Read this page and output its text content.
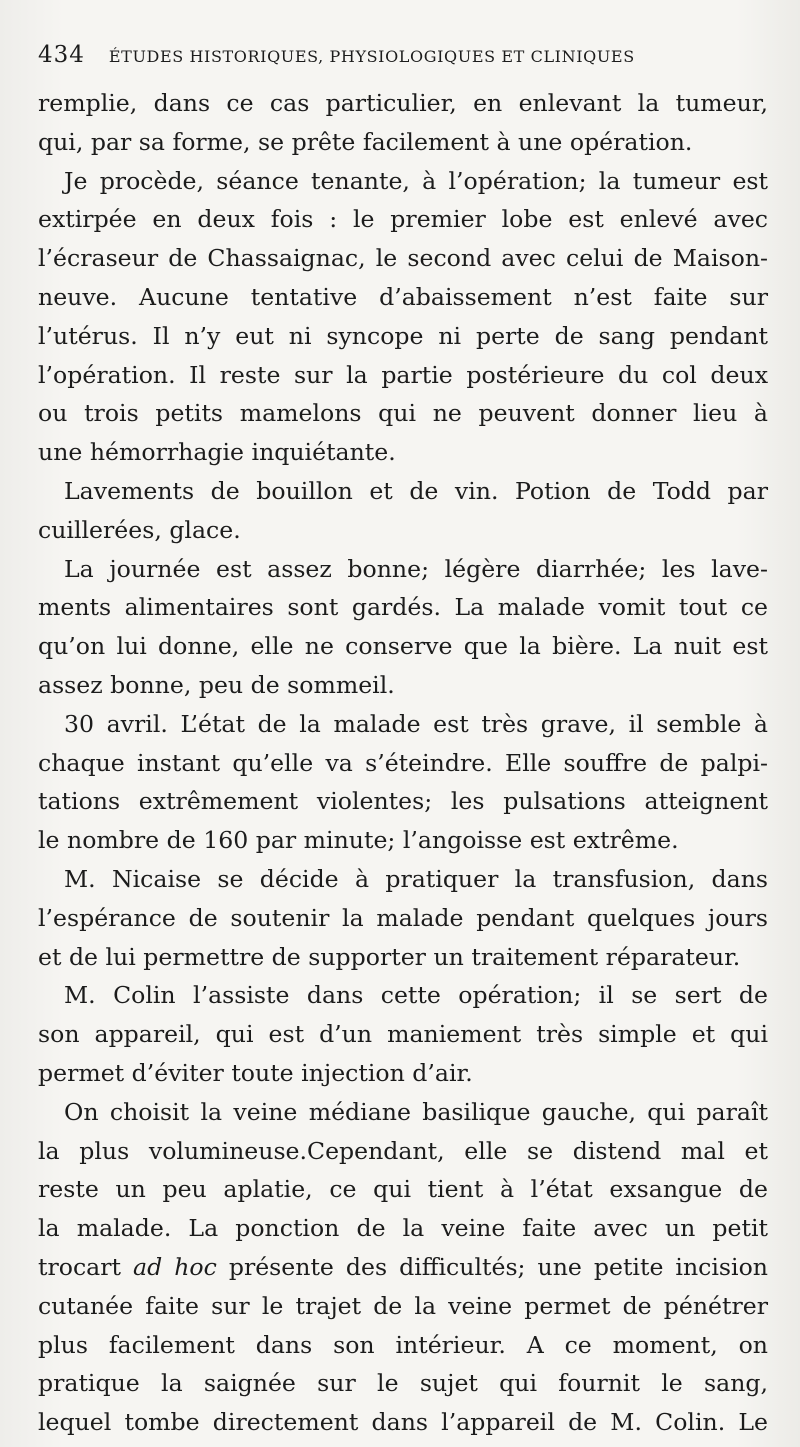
434 ÉTUDES HISTORIQUES, PHYSIOLOGIQUES ET CLINIQUES

remplie, dans ce cas particulier, en enlevant la tumeur,
qui, par sa forme, se prête facilement à une opération.

Je procède, séance tenante, à l’opération; la tumeur est
extirpée en deux fois : le premier lobe est enlevé avec
l’écraseur de Chassaignac, le second avec celui de Maison-
neuve. Aucune tentative d’abaissement n’est faite sur
l’utérus. Il n’y eut ni syncope ni perte de sang pendant
l’opération. Il reste sur la partie postérieure du col deux
ou trois petits mamelons qui ne peuvent donner lieu à
une hémorrhagie inquiétante.

Lavements de bouillon et de vin. Potion de Todd par
cuillerées, glace.

La journée est assez bonne; légère diarrhée; les lave-
ments alimentaires sont gardés. La malade vomit tout ce
qu’on lui donne, elle ne conserve que la bière. La nuit est
assez bonne, peu de sommeil.

30 avril. L’état de la malade est très grave, il semble à
chaque instant qu’elle va s’éteindre. Elle souffre de palpi-
tations extrêmement violentes; les pulsations atteignent
le nombre de 160 par minute; l’angoisse est extrême.

M. Nicaise se décide à pratiquer la transfusion, dans
l’espérance de soutenir la malade pendant quelques jours
et de lui permettre de supporter un traitement réparateur.

M. Colin l’assiste dans cette opération; il se sert de
son appareil, qui est d’un maniement très simple et qui
permet d’éviter toute injection d’air.

On choisit la veine médiane basilique gauche, qui paraît
la plus volumineuse.Cependant, elle se distend mal et
reste un peu aplatie, ce qui tient à l’état exsangue de
la malade. La ponction de la veine faite avec un petit
trocart ad hoc présente des difficultés; une petite incision
cutanée faite sur le trajet de la veine permet de pénétrer
plus facilement dans son intérieur. A ce moment, on
pratique la saignée sur le sujet qui fournit le sang,
lequel tombe directement dans l’appareil de M. Colin. Le
